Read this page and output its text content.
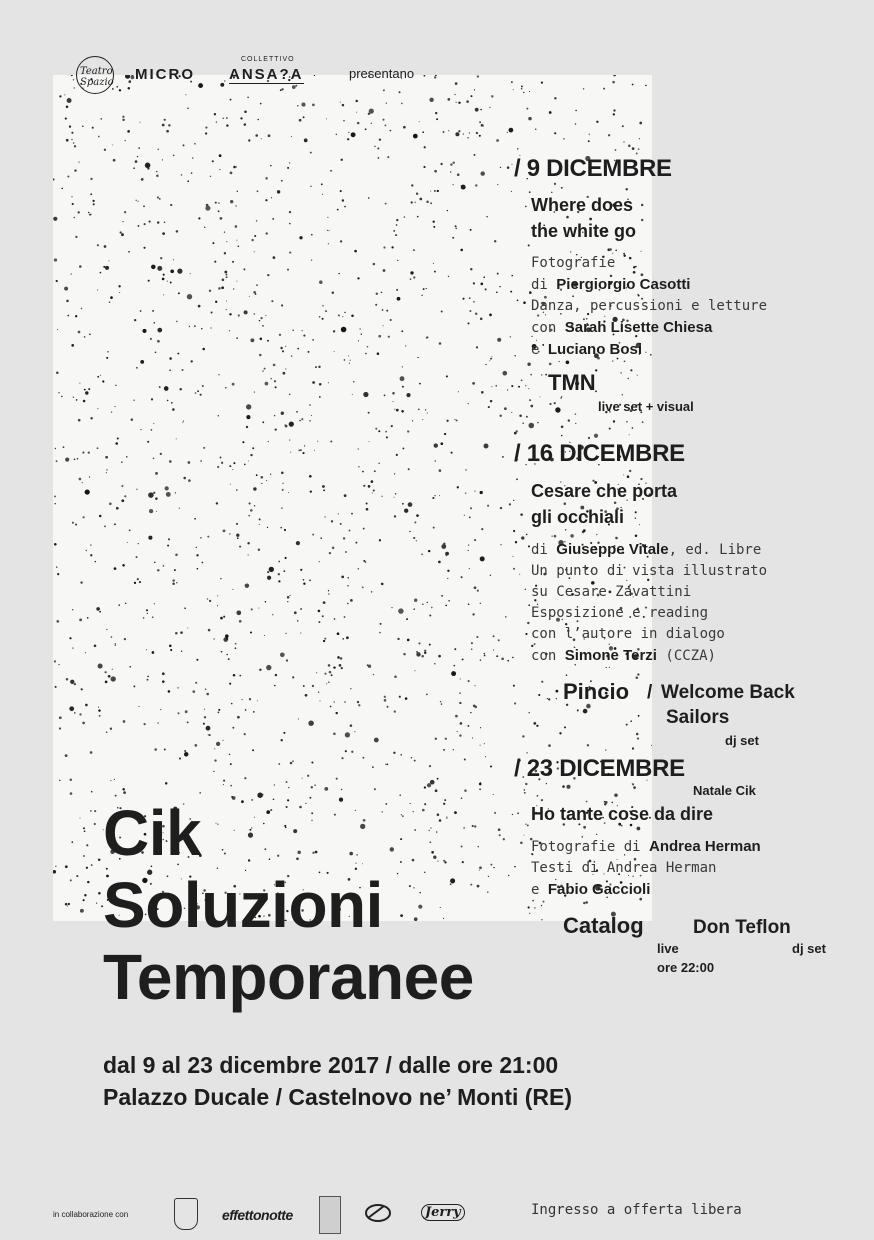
Teatro Spazio MICRO
COLLETTIVO
ANSA?A	presentano
/ 9 DICEMBRE
Where does
the white go
Fotografie
di Piergiorgio Casotti
Danza, percussioni e letture
con Sarah Lisette Chiesa
e Luciano Bosi
TMN
live set + visual
/ 16 DICEMBRE
Cesare che porta
gli occhiali
di Giuseppe Vitale, ed. Libre
Un punto di vista illustrato
su Cesare Zavattini
Esposizione e reading
con l’autore in dialogo
con Simone Terzi (CCZA)
Pincio / Welcome Back
Sailors
dj set
/ 23 DICEMBRE
Natale Cik
Ho tante cose da dire
Fotografie di Andrea Herman
Testi di Andrea Herman
e Fabio Gaccioli
Catalog
live
ore 22:00
Don Teflon
dj set
Cik
Soluzioni
Temporanee
dal 9 al 23 dicembre 2017 / dalle ore 21:00
Palazzo Ducale / Castelnovo ne’ Monti (RE)
in collaborazione con	effettonotte	Jerry	Ingresso a offerta libera
